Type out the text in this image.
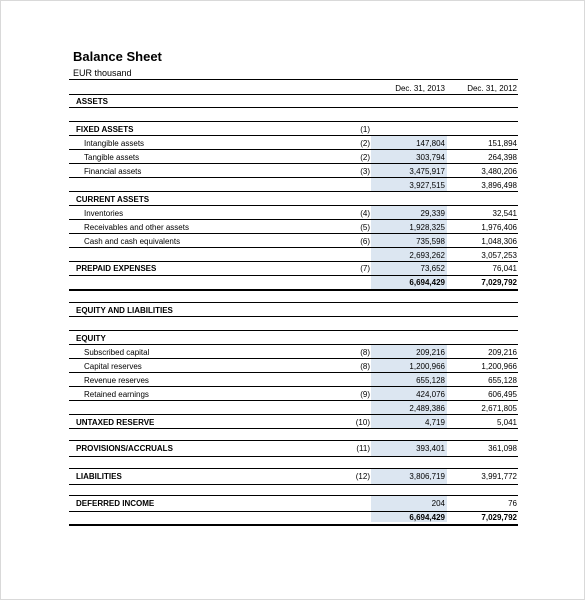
Balance Sheet
EUR thousand
Dec. 31, 2013	Dec. 31, 2012
ASSETS
FIXED ASSETS	(1)
Intangible assets	(2)	147,804	151,894
Tangible assets	(2)	303,794	264,398
Financial assets	(3)	3,475,917	3,480,206
3,927,515	3,896,498
CURRENT ASSETS
Inventories	(4)	29,339	32,541
Receivables and other assets	(5)	1,928,325	1,976,406
Cash and cash equivalents	(6)	735,598	1,048,306
2,693,262	3,057,253
PREPAID EXPENSES	(7)	73,652	76,041
6,694,429	7,029,792
EQUITY AND LIABILITIES
EQUITY
Subscribed capital	(8)	209,216	209,216
Capital reserves	(8)	1,200,966	1,200,966
Revenue reserves	655,128	655,128
Retained earnings	(9)	424,076	606,495
2,489,386	2,671,805
UNTAXED RESERVE	(10)	4,719	5,041
PROVISIONS/ACCRUALS	(11)	393,401	361,098
LIABILITIES	(12)	3,806,719	3,991,772
DEFERRED INCOME	204	76
6,694,429	7,029,792
